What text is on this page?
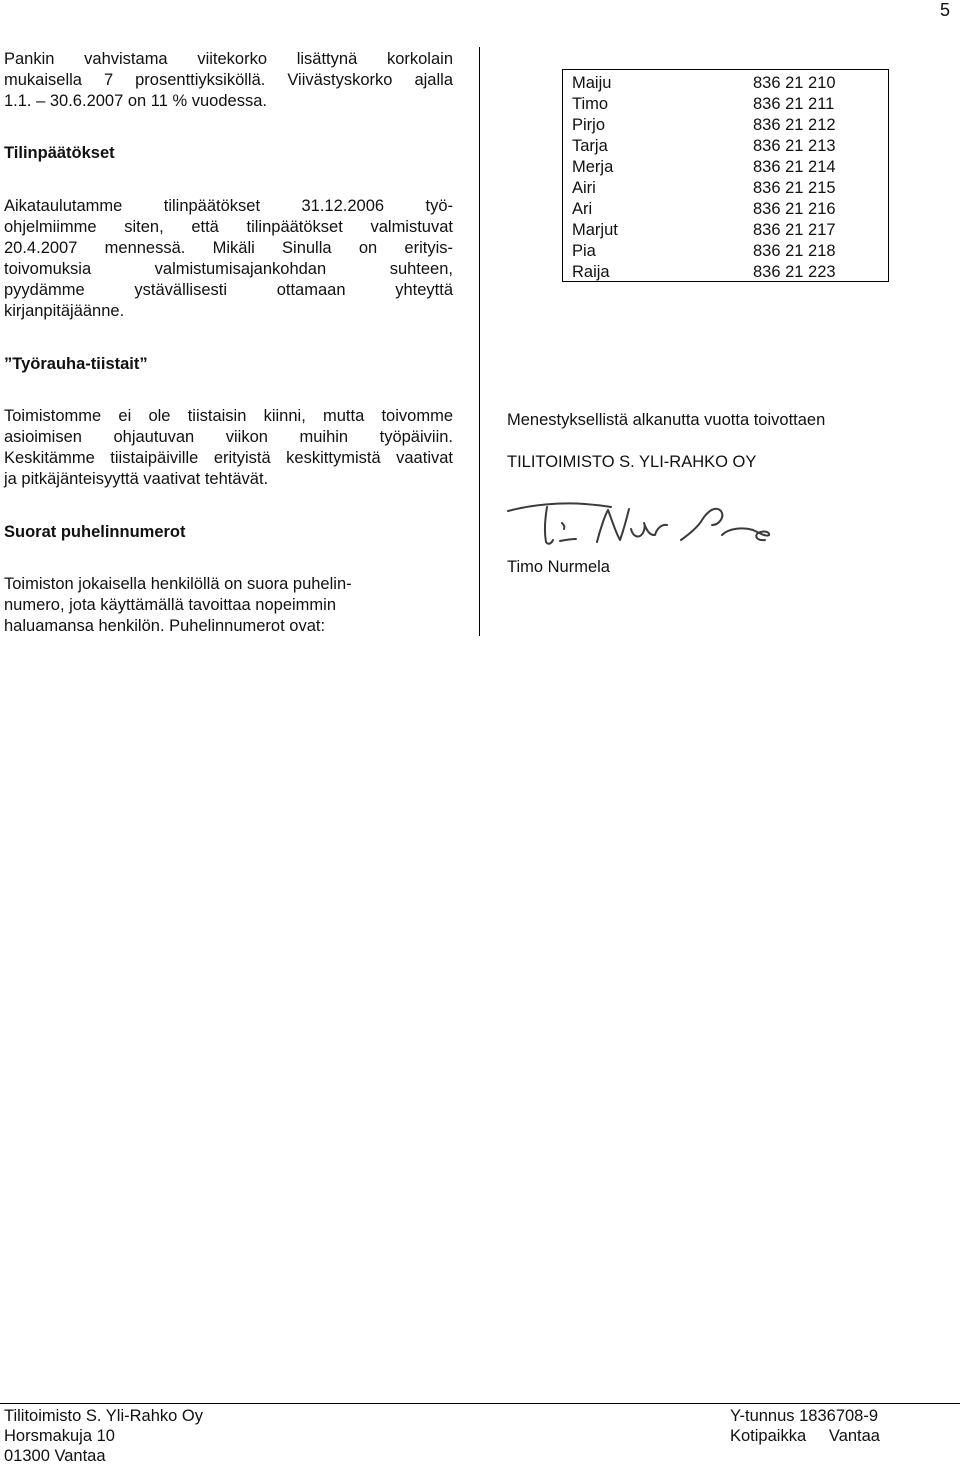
5
Pankin vahvistama viitekorko lisättynä korkolain
mukaisella 7 prosenttiyksiköllä. Viivästyskorko ajalla
1.1. – 30.6.2007 on 11 % vuodessa.
Tilinpäätökset
Aikataulutamme tilinpäätökset 31.12.2006 työ-
ohjelmiimme siten, että tilinpäätökset valmistuvat
20.4.2007 mennessä. Mikäli Sinulla on erityis-
toivomuksia valmistumisajankohdan suhteen,
pyydämme ystävällisesti ottamaan yhteyttä
kirjanpitäjäänne.
Maiju	836 21 210
Timo	836 21 211
Pirjo	836 21 212
Tarja	836 21 213
Merja	836 21 214
Airi	836 21 215
Ari	836 21 216
Marjut	836 21 217
Pia	836 21 218
Raija	836 21 223
”Työrauha-tiistait”
Toimistomme ei ole tiistaisin kiinni, mutta toivomme
asioimisen ohjautuvan viikon muihin työpäiviin.
Keskitämme tiistaipäiville erityistä keskittymistä vaativat
ja pitkäjänteisyyttä vaativat tehtävät.
Suorat puhelinnumerot
Toimiston jokaisella henkilöllä on suora puhelin-
numero, jota käyttämällä tavoittaa nopeimmin
haluamansa henkilön. Puhelinnumerot ovat:
Menestyksellistä alkanutta vuotta toivottaen
TILITOIMISTO S. YLI-RAHKO OY
Timo Nurmela
Tilitoimisto S. Yli-Rahko Oy
Horsmakuja 10
01300 Vantaa
Y-tunnus 1836708-9
Kotipaikka Vantaa
